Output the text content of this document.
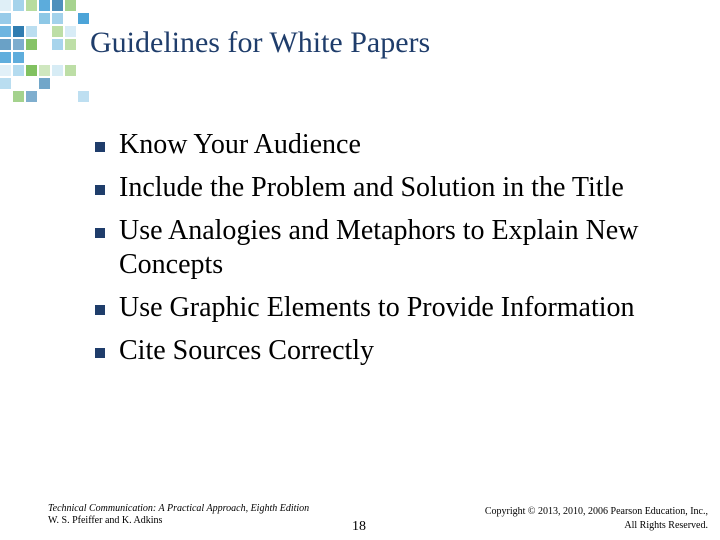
Guidelines for White Papers
Know Your Audience
Include the Problem and Solution in the Title
Use Analogies and Metaphors to Explain New Concepts
Use Graphic Elements to Provide Information
Cite Sources Correctly
Technical Communication: A Practical Approach, Eighth Edition
W. S. Pfeiffer and K. Adkins	18
Copyright © 2013, 2010, 2006 Pearson Education, Inc.,
All Rights Reserved.
